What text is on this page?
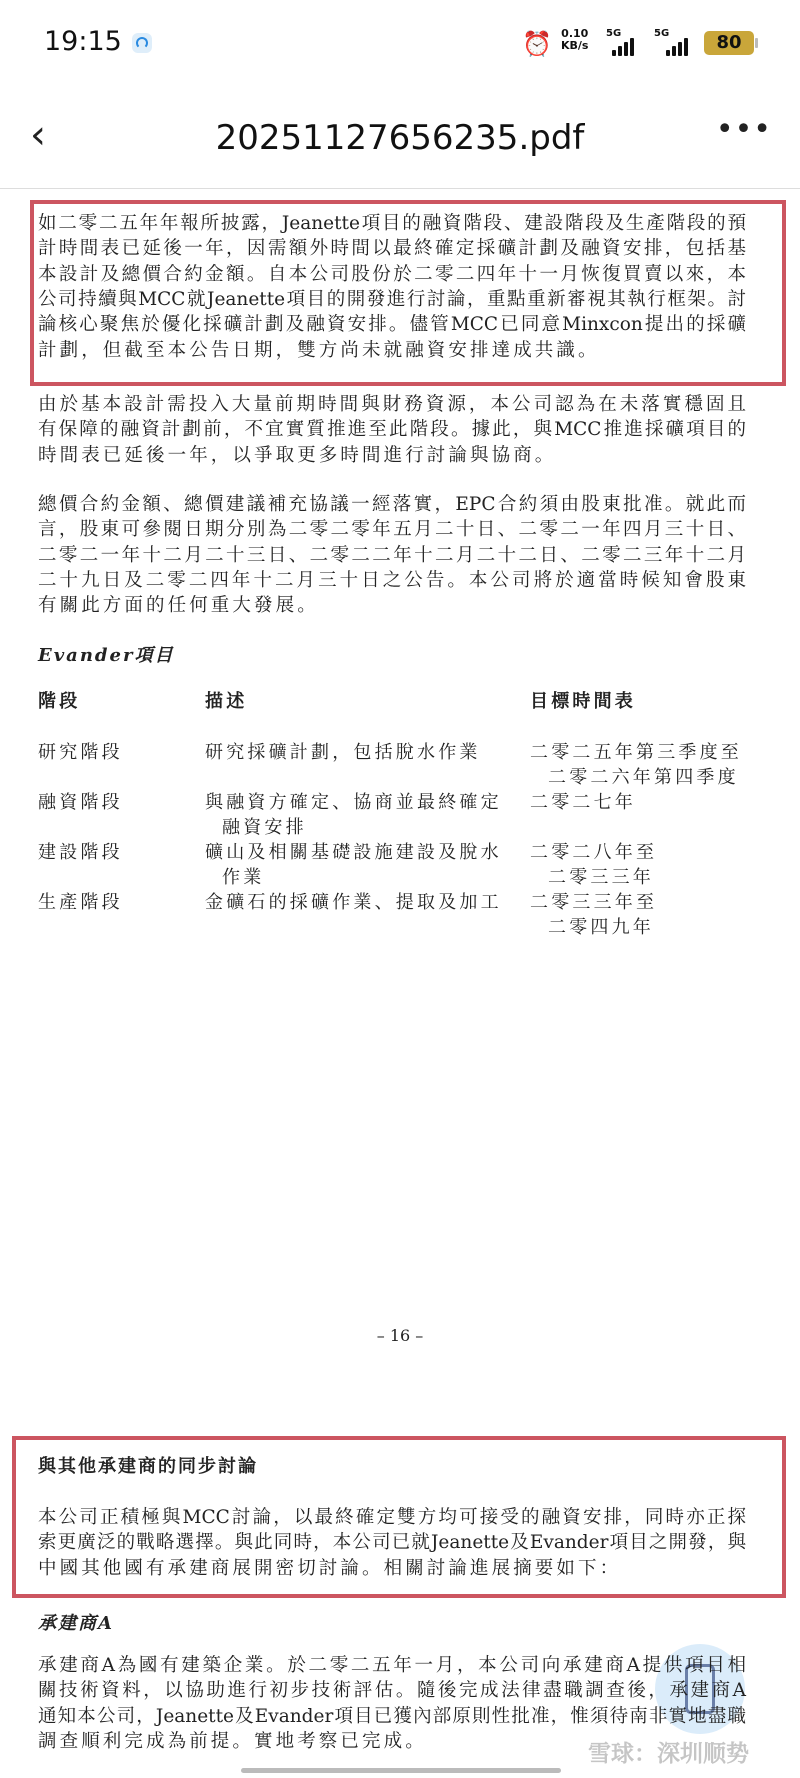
19:15	⏰ 0.10
KB/s
5G	5G	80
‹	20251127656235.pdf	•••
如二零二五年年報所披露，Jeanette項目的融資階段、建設階段及生產階段的預
計時間表已延後一年，因需額外時間以最終確定採礦計劃及融資安排，包括基
本設計及總價合約金額。自本公司股份於二零二四年十一月恢復買賣以來，本
公司持續與MCC就Jeanette項目的開發進行討論，重點重新審視其執行框架。討
論核心聚焦於優化採礦計劃及融資安排。儘管MCC已同意Minxcon提出的採礦
計劃，但截至本公告日期，雙方尚未就融資安排達成共識。
由於基本設計需投入大量前期時間與財務資源，本公司認為在未落實穩固且
有保障的融資計劃前，不宜實質推進至此階段。據此，與MCC推進採礦項目的
時間表已延後一年，以爭取更多時間進行討論與協商。
總價合約金額、總價建議補充協議一經落實，EPC合約須由股東批准。就此而
言，股東可參閱日期分別為二零二零年五月二十日、二零二一年四月三十日、
二零二一年十二月二十三日、二零二二年十二月二十二日、二零二三年十二月
二十九日及二零二四年十二月三十日之公告。本公司將於適當時候知會股東
有關此方面的任何重大發展。
Evander項目
階段	描述	目標時間表
研究階段	研究採礦計劃，包括脫水作業	二零二五年第三季度至
二零二六年第四季度
融資階段	與融資方確定、協商並最終確定
融資安排
二零二七年
建設階段	礦山及相關基礎設施建設及脫水
作業
二零二八年至
二零三三年
生產階段	金礦石的採礦作業、提取及加工 二零三三年至
二零四九年
– 16 –
與其他承建商的同步討論
承建商A
本公司正積極與MCC討論，以最終確定雙方均可接受的融資安排，同時亦正探
索更廣泛的戰略選擇。與此同時，本公司已就Jeanette及Evander項目之開發，與
中國其他國有承建商展開密切討論。相關討論進展摘要如下：
承建商A為國有建築企業。於二零二五年一月，本公司向承建商A提供項目相
關技術資料，以協助進行初步技術評估。隨後完成法律盡職調查後，承建商A
通知本公司，Jeanette及Evander項目已獲內部原則性批准，惟須待南非實地盡職
調查順利完成為前提。實地考察已完成。	雪球：深圳顺势
